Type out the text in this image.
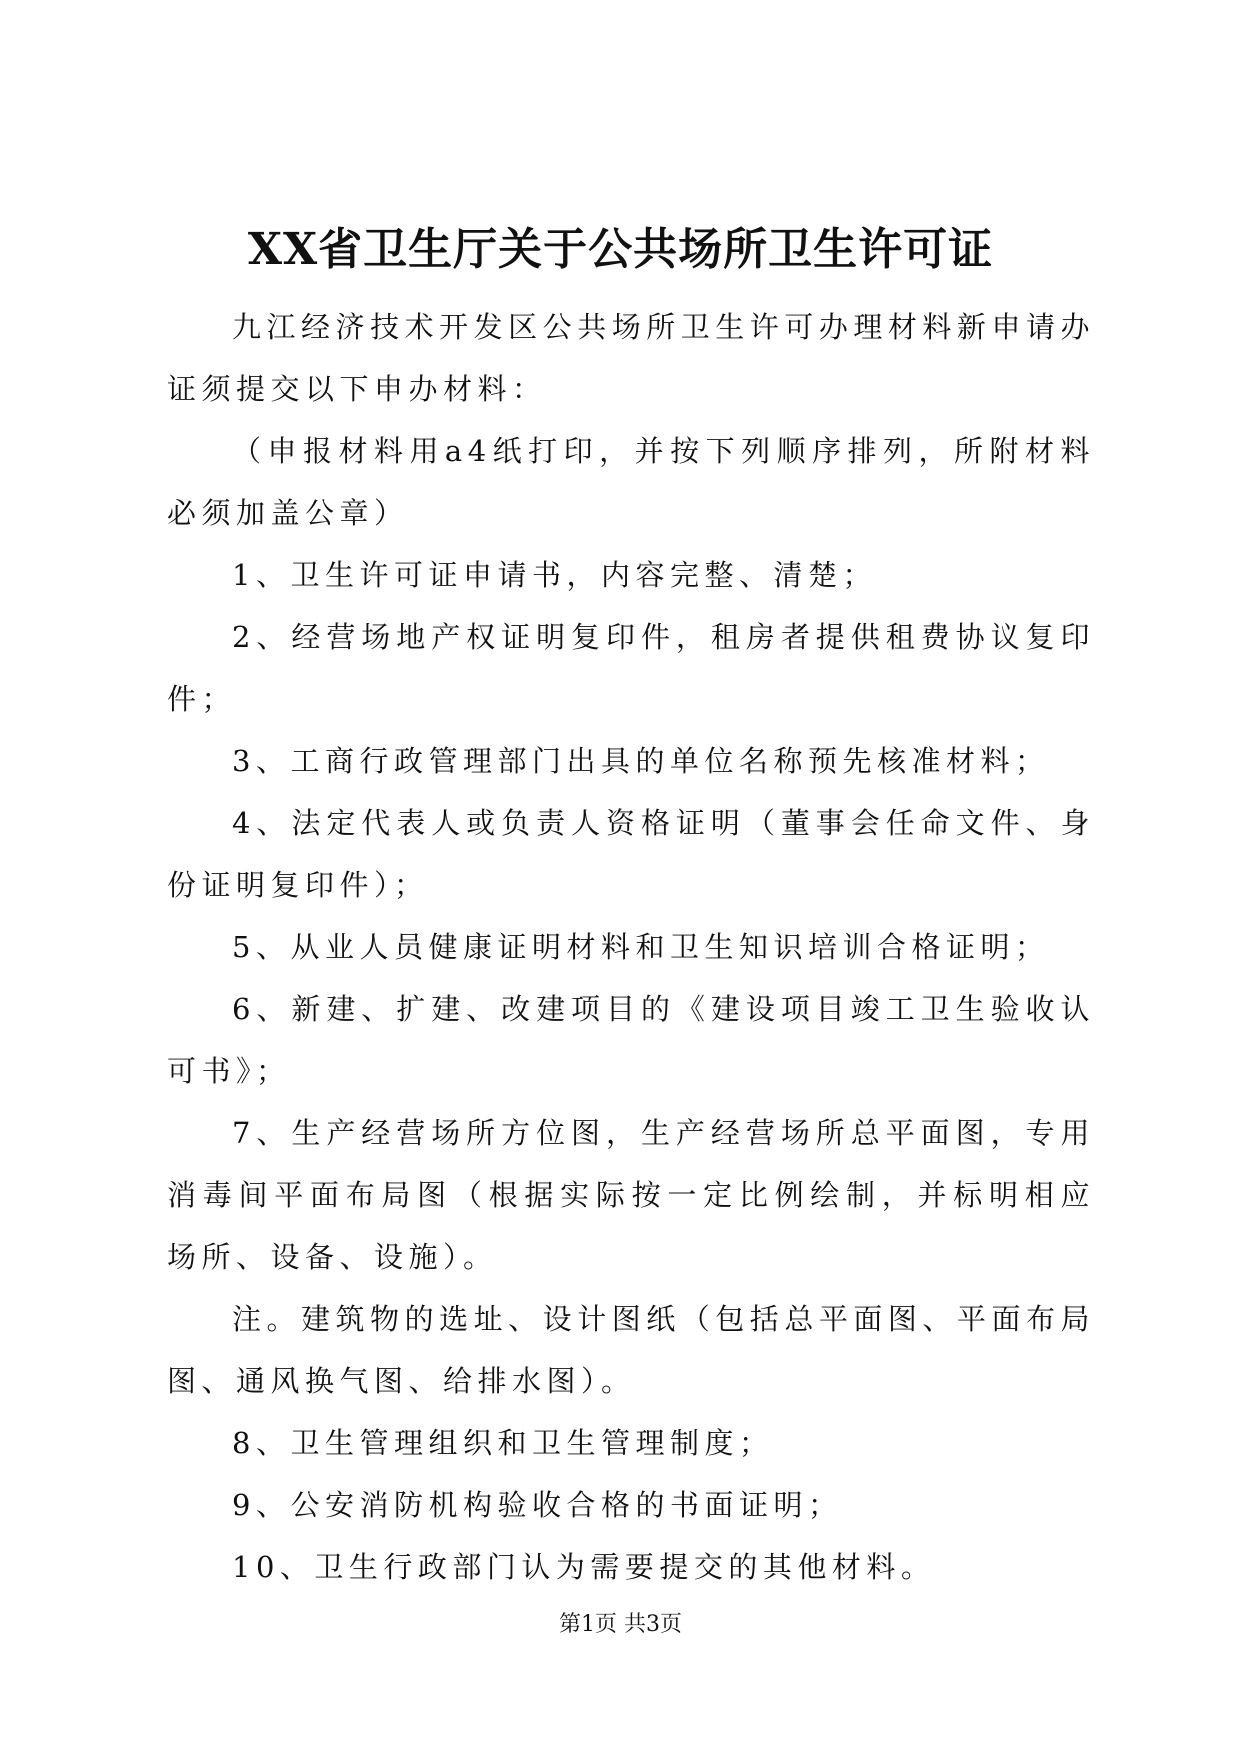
XX省卫生厅关于公共场所卫生许可证

九江经济技术开发区公共场所卫生许可办理材料新申请办证须提交以下申办材料：

（申报材料用a4纸打印，并按下列顺序排列，所附材料必须加盖公章）

1、卫生许可证申请书，内容完整、清楚；

2、经营场地产权证明复印件，租房者提供租费协议复印件；

3、工商行政管理部门出具的单位名称预先核准材料；

4、法定代表人或负责人资格证明（董事会任命文件、身份证明复印件）；

5、从业人员健康证明材料和卫生知识培训合格证明；

6、新建、扩建、改建项目的《建设项目竣工卫生验收认可书》；

7、生产经营场所方位图，生产经营场所总平面图，专用消毒间平面布局图（根据实际按一定比例绘制，并标明相应场所、设备、设施）。

注。建筑物的选址、设计图纸（包括总平面图、平面布局图、通风换气图、给排水图）。

8、卫生管理组织和卫生管理制度；

9、公安消防机构验收合格的书面证明；

10、卫生行政部门认为需要提交的其他材料。

第1页 共3页
